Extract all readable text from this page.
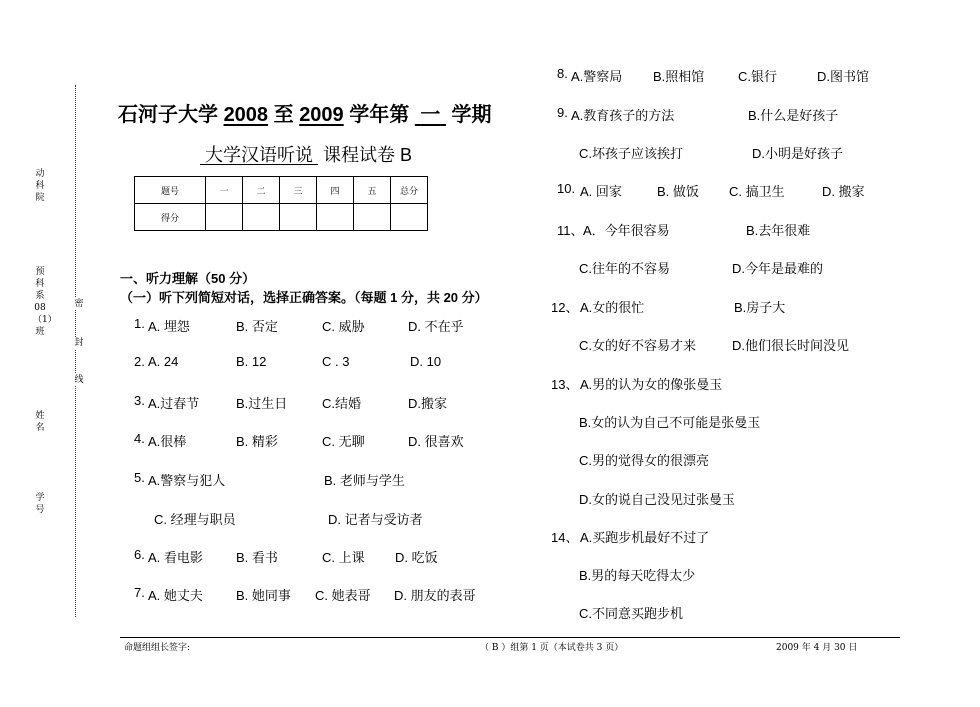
动科院
预科 系08（1）班
姓名
学号
密
封
线
石河子大学 2008 至 2009 学年第 一 学期
大学汉语听说 课程试卷 B
题号	一	二	三	四	五	总分
得分						
一、听力理解（50 分）
（一）听下列简短对话，选择正确答案。（每题 1 分，共 20 分）
1. A. 埋怨	B. 否定	C. 威胁	D. 不在乎
2. A. 24	B. 12	C . 3	D. 10
3. A.过春节	B.过生日	C.结婚	D.搬家
4. A.很棒	B. 精彩	C. 无聊	D. 很喜欢
5. A.警察与犯人	B. 老师与学生
C. 经理与职员	D. 记者与受访者
6. A. 看电影	B. 看书	C. 上课 D. 吃饭
7. A. 她丈夫	B. 她同事 C. 她表哥 D. 朋友的表哥
8. A.警察局 B.照相馆	C.银行	D.图书馆
9. A.教育孩子的方法	B.什么是好孩子
C.坏孩子应该挨打	D.小明是好孩子
10. A. 回家	B. 做饭 C. 搞卫生	D. 搬家
11、 A．今年很容易	B.去年很难
C.往年的不容易	D.今年是最难的
12、 A.女的很忙	B.房子大
C.女的好不容易才来	D.他们很长时间没见
13、 A.男的认为女的像张曼玉
B.女的认为自己不可能是张曼玉
C.男的觉得女的很漂亮
D.女的说自己没见过张曼玉
14、 A.买跑步机最好不过了
B.男的每天吃得太少
C.不同意买跑步机
命题组组长签字:	（ B ）组第 1 页（本试卷共 3 页）	2009 年 4 月 30 日
